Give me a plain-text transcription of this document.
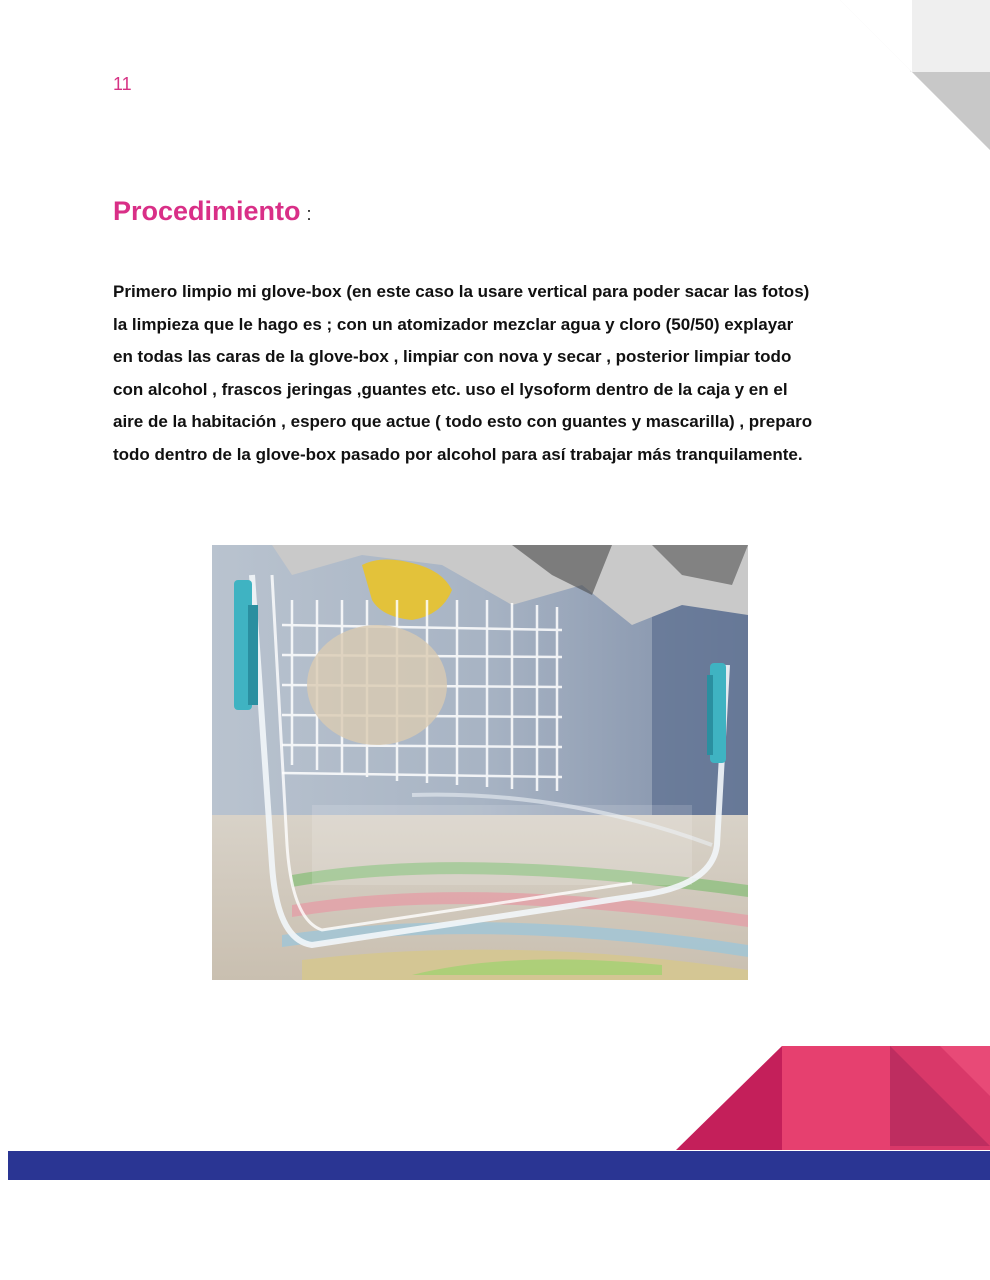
11
Procedimiento :
Primero limpio mi glove-box (en este caso la usare vertical para poder sacar las fotos)
la limpieza que le hago es ; con un atomizador mezclar agua y cloro (50/50) explayar
en todas las caras de la glove-box , limpiar con nova y secar , posterior limpiar todo
con alcohol , frascos jeringas ,guantes etc. uso el lysoform dentro de la caja y en el
aire de la habitación , espero que actue ( todo esto con guantes y mascarilla) , preparo
todo dentro de la glove-box pasado por alcohol para así trabajar más tranquilamente.
